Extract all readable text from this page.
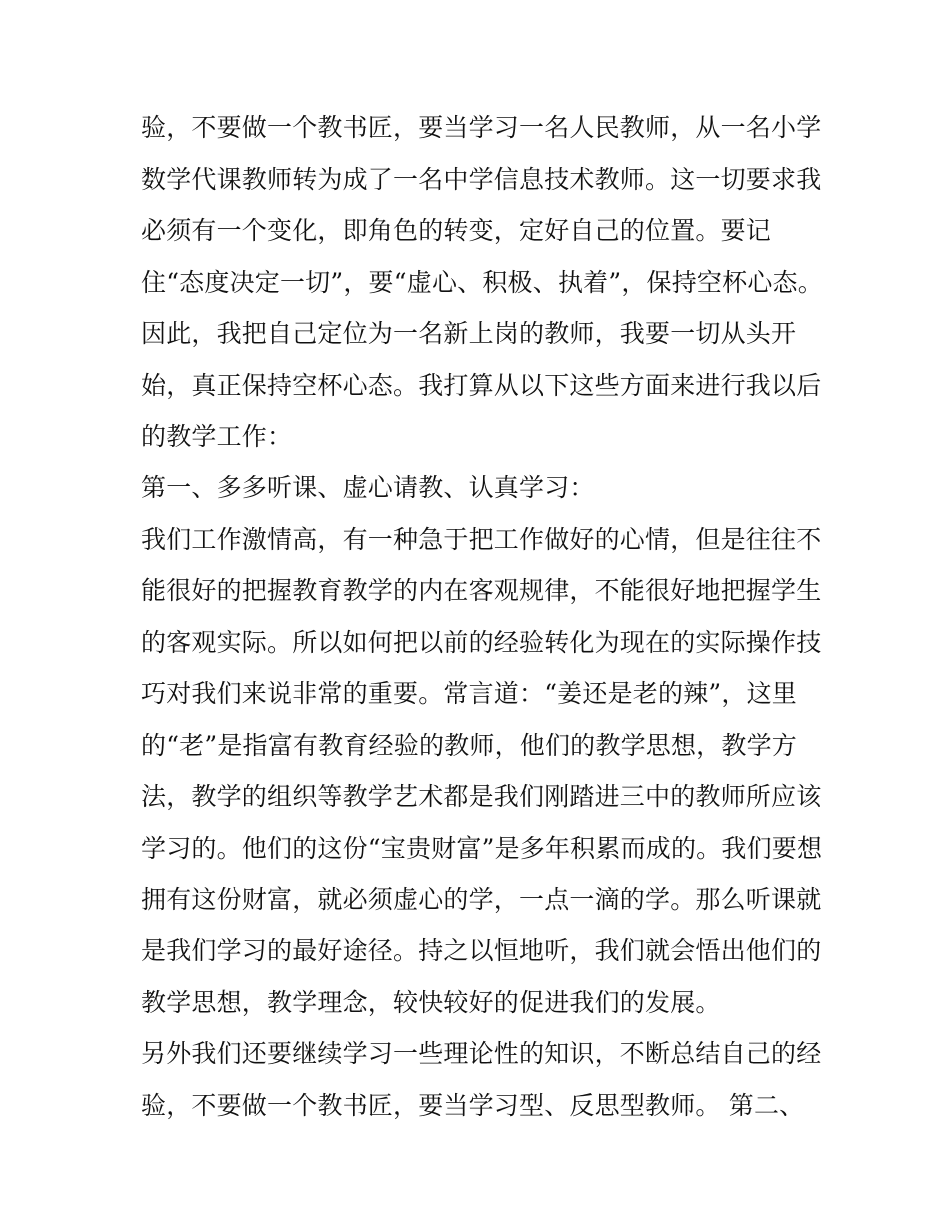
验，不要做一个教书匠，要当学习一名人民教师，从一名小学
数学代课教师转为成了一名中学信息技术教师。这一切要求我
必须有一个变化，即角色的转变，定好自己的位置。要记
住“态度决定一切”，要“虚心、积极、执着”，保持空杯心态。
因此，我把自己定位为一名新上岗的教师，我要一切从头开
始，真正保持空杯心态。我打算从以下这些方面来进行我以后
的教学工作：
第一、多多听课、虚心请教、认真学习：
我们工作激情高，有一种急于把工作做好的心情，但是往往不
能很好的把握教育教学的内在客观规律，不能很好地把握学生
的客观实际。所以如何把以前的经验转化为现在的实际操作技
巧对我们来说非常的重要。常言道：“姜还是老的辣”，这里
的“老”是指富有教育经验的教师，他们的教学思想，教学方
法，教学的组织等教学艺术都是我们刚踏进三中的教师所应该
学习的。他们的这份“宝贵财富”是多年积累而成的。我们要想
拥有这份财富，就必须虚心的学，一点一滴的学。那么听课就
是我们学习的最好途径。持之以恒地听，我们就会悟出他们的
教学思想，教学理念，较快较好的促进我们的发展。
另外我们还要继续学习一些理论性的知识，不断总结自己的经
验，不要做一个教书匠，要当学习型、反思型教师。 第二、
